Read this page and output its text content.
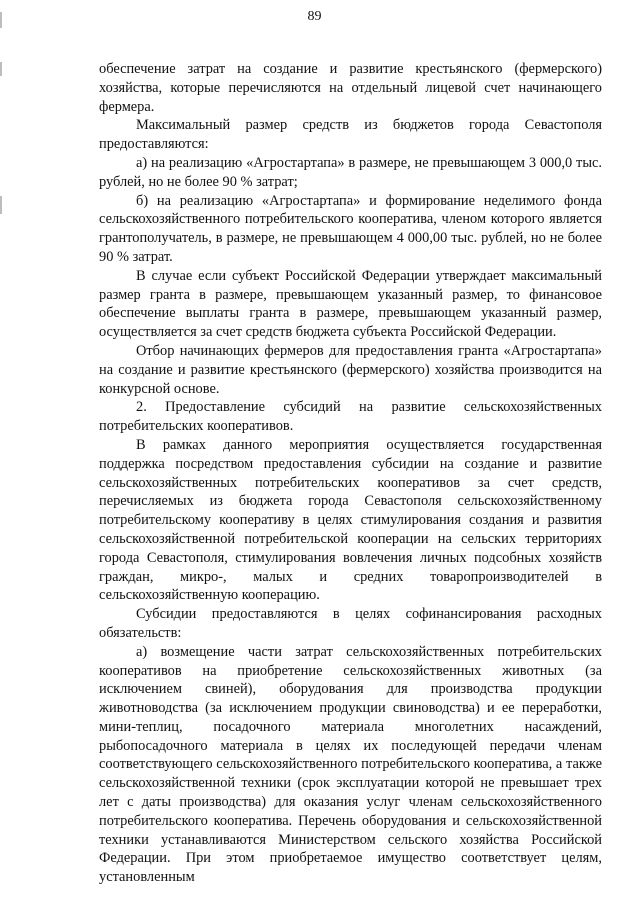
89

обеспечение затрат на создание и развитие крестьянского (фермерского) хозяйства, которые перечисляются на отдельный лицевой счет начинающего фермера.

Максимальный размер средств из бюджетов города Севастополя предоставляются:

а) на реализацию «Агростартапа» в размере, не превышающем 3 000,0 тыс. рублей, но не более 90 % затрат;

б) на реализацию «Агростартапа» и формирование неделимого фонда сельскохозяйственного потребительского кооператива, членом которого является грантополучатель, в размере, не превышающем 4 000,00 тыс. рублей, но не более 90 % затрат.

В случае если субъект Российской Федерации утверждает максимальный размер гранта в размере, превышающем указанный размер, то финансовое обеспечение выплаты гранта в размере, превышающем указанный размер, осуществляется за счет средств бюджета субъекта Российской Федерации.

Отбор начинающих фермеров для предоставления гранта «Агростартапа» на создание и развитие крестьянского (фермерского) хозяйства производится на конкурсной основе.

2. Предоставление субсидий на развитие сельскохозяйственных потребительских кооперативов.

В рамках данного мероприятия осуществляется государственная поддержка посредством предоставления субсидии на создание и развитие сельскохозяйственных потребительских кооперативов за счет средств, перечисляемых из бюджета города Севастополя сельскохозяйственному потребительскому кооперативу в целях стимулирования создания и развития сельскохозяйственной потребительской кооперации на сельских территориях города Севастополя, стимулирования вовлечения личных подсобных хозяйств граждан, микро-, малых и средних товаропроизводителей в сельскохозяйственную кооперацию.

Субсидии предоставляются в целях софинансирования расходных обязательств:

а) возмещение части затрат сельскохозяйственных потребительских кооперативов на приобретение сельскохозяйственных животных (за исключением свиней), оборудования для производства продукции животноводства (за исключением продукции свиноводства) и ее переработки, мини-теплиц, посадочного материала многолетних насаждений, рыбопосадочного материала в целях их последующей передачи членам соответствующего сельскохозяйственного потребительского кооператива, а также сельскохозяйственной техники (срок эксплуатации которой не превышает трех лет с даты производства) для оказания услуг членам сельскохозяйственного потребительского кооператива. Перечень оборудования и сельскохозяйственной техники устанавливаются Министерством сельского хозяйства Российской Федерации. При этом приобретаемое имущество соответствует целям, установленным
